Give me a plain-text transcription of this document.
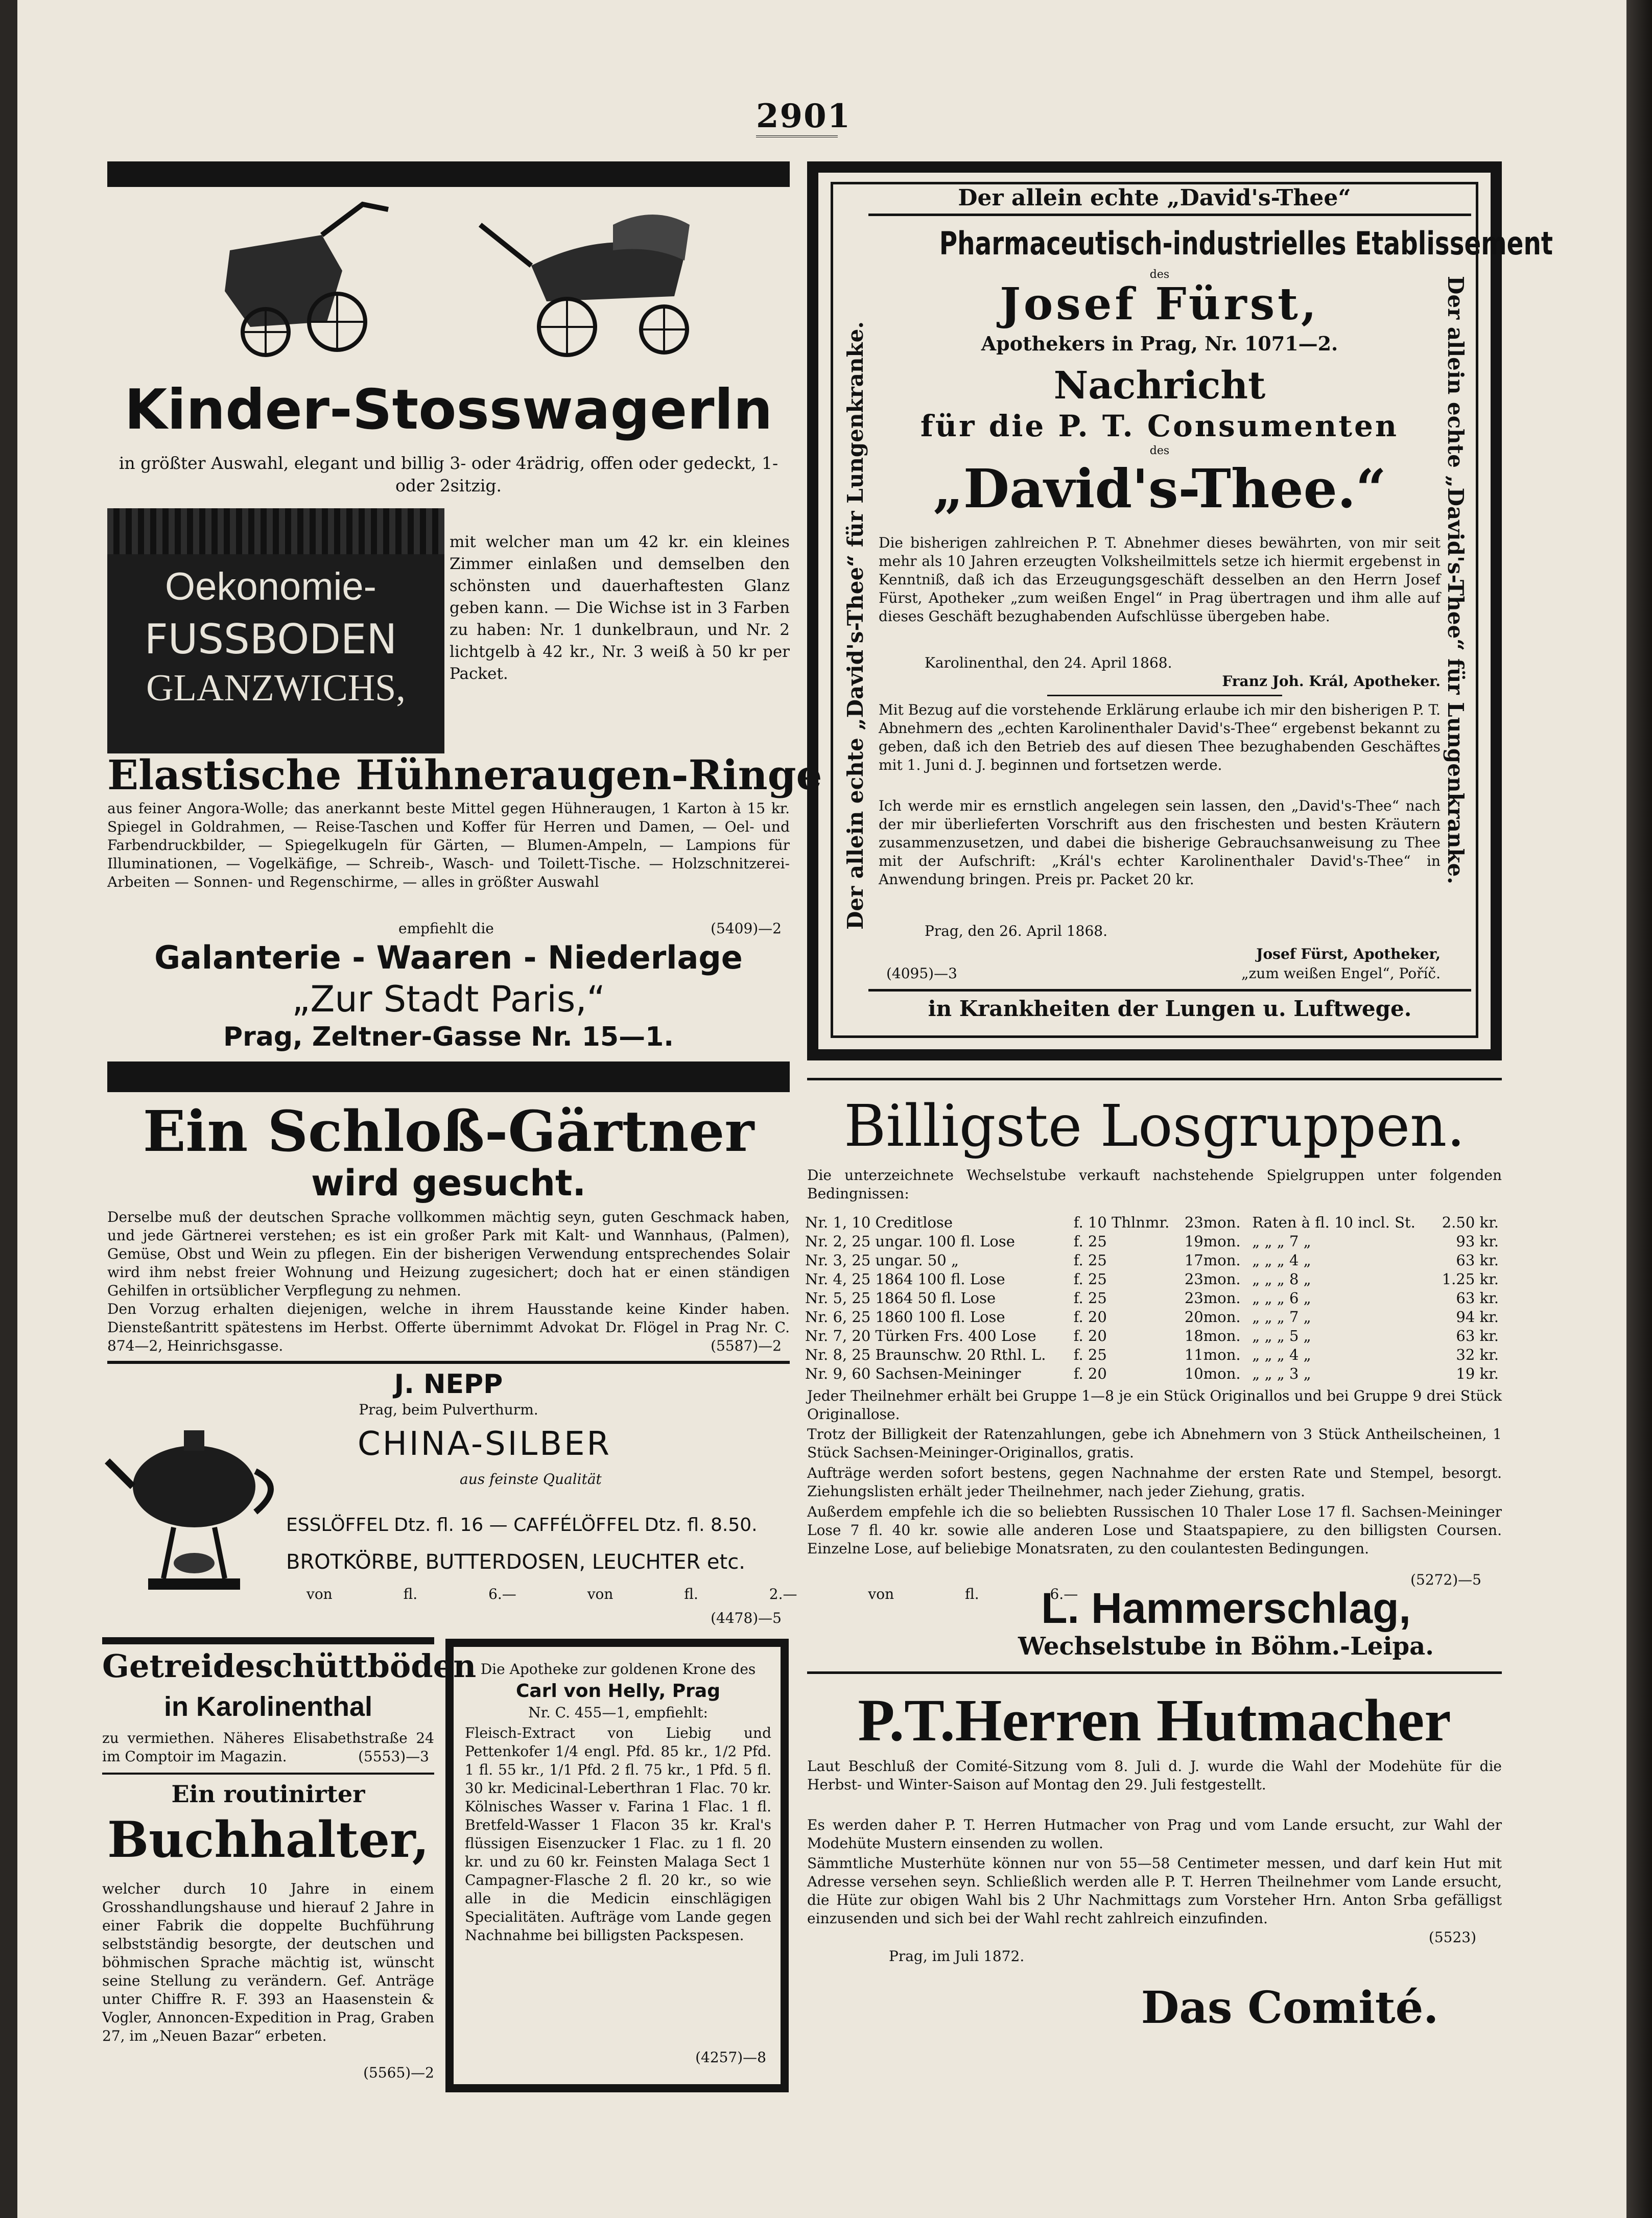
2901
Kinder-Stosswagerln
in größter Auswahl, elegant und billig 3- oder 4rädrig, offen oder gedeckt, 1- oder 2sitzig.
Oekonomie-
FUSSBODEN
GLANZWICHS,
mit welcher man um 42 kr. ein kleines Zimmer einlaßen und demselben den schönsten und dauerhaftesten Glanz geben kann. — Die Wichse ist in 3 Farben zu haben: Nr. 1 dunkelbraun, und Nr. 2 lichtgelb à 42 kr., Nr. 3 weiß à 50 kr per Packet.
Elastische Hühneraugen-Ringe
aus feiner Angora-Wolle; das anerkannt beste Mittel gegen Hühneraugen, 1 Karton à 15 kr. Spiegel in Goldrahmen, — Reise-Taschen und Koffer für Herren und Damen, — Oel- und Farbendruckbilder, — Spiegelkugeln für Gärten, — Blumen-Ampeln, — Lampions für Illuminationen, — Vogelkäfige, — Schreib-, Wasch- und Toilett-Tische. — Holzschnitzerei-Arbeiten — Sonnen- und Regenschirme, — alles in größter Auswahl
empfiehlt die	(5409)—2
Galanterie - Waaren - Niederlage
„Zur Stadt Paris,“
Prag, Zeltner-Gasse Nr. 15—1.
Ein Schloß-Gärtner
wird gesucht.
Derselbe muß der deutschen Sprache vollkommen mächtig seyn, guten Geschmack haben, und jede Gärtnerei verstehen; es ist ein großer Park mit Kalt- und Wannhaus, (Palmen), Gemüse, Obst und Wein zu pflegen. Ein der bisherigen Verwendung entsprechendes Solair wird ihm nebst freier Wohnung und Heizung zugesichert; doch hat er einen ständigen Gehilfen in ortsüblicher Verpflegung zu nehmen.
Den Vorzug erhalten diejenigen, welche in ihrem Hausstande keine Kinder haben. Diensteßantritt spätestens im Herbst. Offerte übernimmt Advokat Dr. Flögel in Prag Nr. C. 874—2, Heinrichsgasse.	(5587)—2
J. NEPP
Prag, beim Pulverthurm.
CHINA-SILBER
aus feinste Qualität
ESSLÖFFEL Dtz. fl. 16 — CAFFÉLÖFFEL Dtz. fl. 8.50.
BROTKÖRBE, BUTTERDOSEN, LEUCHTER etc.
von fl. 6.— von fl. 2.— von fl. 6.—
(4478)—5
Getreideschüttböden
in Karolinenthal
zu vermiethen. Näheres Elisabethstraße 24 im Comptoir im Magazin.	(5553)—3
Ein routinirter
Buchhalter,
welcher durch 10 Jahre in einem Grosshandlungshause und hierauf 2 Jahre in einer Fabrik die doppelte Buchführung selbstständig besorgte, der deutschen und böhmischen Sprache mächtig ist, wünscht seine Stellung zu verändern. Gef. Anträge unter Chiffre R. F. 393 an Haasenstein & Vogler, Annoncen-Expedition in Prag, Graben 27, im „Neuen Bazar“ erbeten.
(5565)—2
Die Apotheke zur goldenen Krone des
Carl von Helly, Prag
Nr. C. 455—1, empfiehlt:
Fleisch-Extract von Liebig und Pettenkofer 1/4 engl. Pfd. 85 kr., 1/2 Pfd. 1 fl. 55 kr., 1/1 Pfd. 2 fl. 75 kr., 1 Pfd. 5 fl. 30 kr. Medicinal-Leberthran 1 Flac. 70 kr. Kölnisches Wasser v. Farina 1 Flac. 1 fl. Bretfeld-Wasser 1 Flacon 35 kr. Kral's flüssigen Eisenzucker 1 Flac. zu 1 fl. 20 kr. und zu 60 kr. Feinsten Malaga Sect 1 Campagner-Flasche 2 fl. 20 kr., so wie alle in die Medicin einschlägigen Specialitäten. Aufträge vom Lande gegen Nachnahme bei billigsten Packspesen.
(4257)—8
Der allein echte „David's-Thee“
Der allein echte „David's-Thee“ für Lungenkranke.	Der allein echte „David's-Thee“ für Lungenkranke.
Pharmaceutisch-industrielles Etablissement
des
Josef Fürst,
Apothekers in Prag, Nr. 1071—2.
Nachricht
für die P. T. Consumenten
des
„David's-Thee.“
Die bisherigen zahlreichen P. T. Abnehmer dieses bewährten, von mir seit mehr als 10 Jahren erzeugten Volksheilmittels setze ich hiermit ergebenst in Kenntniß, daß ich das Erzeugungsgeschäft desselben an den Herrn Josef Fürst, Apotheker „zum weißen Engel“ in Prag übertragen und ihm alle auf dieses Geschäft bezughabenden Aufschlüsse übergeben habe.
Karolinenthal, den 24. April 1868.
Franz Joh. Král, Apotheker.
Mit Bezug auf die vorstehende Erklärung erlaube ich mir den bisherigen P. T. Abnehmern des „echten Karolinenthaler David's-Thee“ ergebenst bekannt zu geben, daß ich den Betrieb des auf diesen Thee bezughabenden Geschäftes mit 1. Juni d. J. beginnen und fortsetzen werde.
Ich werde mir es ernstlich angelegen sein lassen, den „David's-Thee“ nach der mir überlieferten Vorschrift aus den frischesten und besten Kräutern zusammenzusetzen, und dabei die bisherige Gebrauchsanweisung zu Thee mit der Aufschrift: „Král's echter Karolinenthaler David's-Thee“ in Anwendung bringen. Preis pr. Packet 20 kr.
Prag, den 26. April 1868.
Josef Fürst, Apotheker,
„zum weißen Engel“, Poříč.
(4095)—3
in Krankheiten der Lungen u. Luftwege.
Billigste Losgruppen.
Die unterzeichnete Wechselstube verkauft nachstehende Spielgruppen unter folgenden Bedingnissen:
Nr. 1, 10 Creditlose	f. 10 Thlnmr.	23mon.	Raten à fl. 10 incl. St.	2.50 kr.
Nr. 2, 25 ungar. 100 fl. Lose	f. 25	19mon.	„ „ „ 7 „	93 kr.
Nr. 3, 25 ungar. 50 „	f. 25	17mon.	„ „ „ 4 „	63 kr.
Nr. 4, 25 1864 100 fl. Lose	f. 25	23mon.	„ „ „ 8 „	1.25 kr.
Nr. 5, 25 1864 50 fl. Lose	f. 25	23mon.	„ „ „ 6 „	63 kr.
Nr. 6, 25 1860 100 fl. Lose	f. 20	20mon.	„ „ „ 7 „	94 kr.
Nr. 7, 20 Türken Frs. 400 Lose	f. 20	18mon.	„ „ „ 5 „	63 kr.
Nr. 8, 25 Braunschw. 20 Rthl. L.	f. 25	11mon.	„ „ „ 4 „	32 kr.
Nr. 9, 60 Sachsen-Meininger	f. 20	10mon.	„ „ „ 3 „	19 kr.
Jeder Theilnehmer erhält bei Gruppe 1—8 je ein Stück Originallos und bei Gruppe 9 drei Stück Originallose.
Trotz der Billigkeit der Ratenzahlungen, gebe ich Abnehmern von 3 Stück Antheilscheinen, 1 Stück Sachsen-Meininger-Originallos, gratis.
Aufträge werden sofort bestens, gegen Nachnahme der ersten Rate und Stempel, besorgt. Ziehungslisten erhält jeder Theilnehmer, nach jeder Ziehung, gratis.
Außerdem empfehle ich die so beliebten Russischen 10 Thaler Lose 17 fl. Sachsen-Meininger Lose 7 fl. 40 kr. sowie alle anderen Lose und Staatspapiere, zu den billigsten Coursen. Einzelne Lose, auf beliebige Monatsraten, zu den coulantesten Bedingungen.
(5272)—5
L. Hammerschlag,
Wechselstube in Böhm.-Leipa.
P.T.Herren Hutmacher
Laut Beschluß der Comité-Sitzung vom 8. Juli d. J. wurde die Wahl der Modehüte für die Herbst- und Winter-Saison auf Montag den 29. Juli festgestellt.
Es werden daher P. T. Herren Hutmacher von Prag und vom Lande ersucht, zur Wahl der Modehüte Mustern einsenden zu wollen.
Sämmtliche Musterhüte können nur von 55—58 Centimeter messen, und darf kein Hut mit Adresse versehen seyn. Schließlich werden alle P. T. Herren Theilnehmer vom Lande ersucht, die Hüte zur obigen Wahl bis 2 Uhr Nachmittags zum Vorsteher Hrn. Anton Srba gefälligst einzusenden und sich bei der Wahl recht zahlreich einzufinden.
(5523)
Prag, im Juli 1872.
Das Comité.
